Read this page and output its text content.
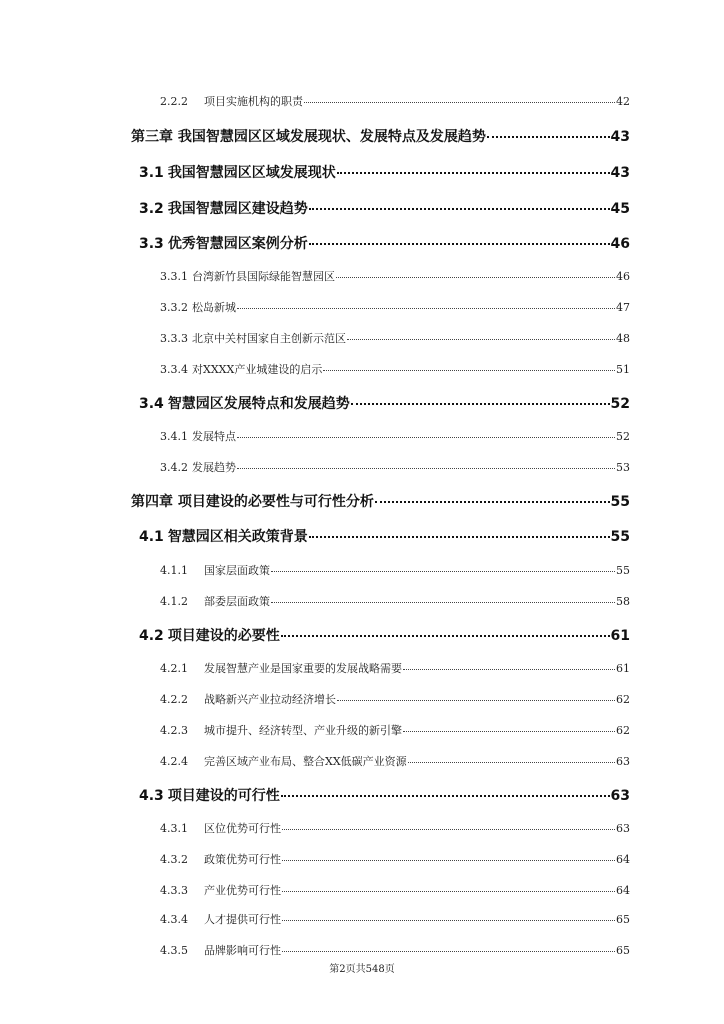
2.2.2	项目实施机构的职责	42
第三章 我国智慧园区区域发展现状、发展特点及发展趋势	43
3.1 我国智慧园区区域发展现状	43
3.2 我国智慧园区建设趋势	45
3.3 优秀智慧园区案例分析	46
3.3.1 台湾新竹县国际绿能智慧园区	46
3.3.2 松岛新城	47
3.3.3 北京中关村国家自主创新示范区	48
3.3.4 对XXXX产业城建设的启示	51
3.4 智慧园区发展特点和发展趋势	52
3.4.1 发展特点	52
3.4.2 发展趋势	53
第四章 项目建设的必要性与可行性分析	55
4.1 智慧园区相关政策背景	55
4.1.1	国家层面政策	55
4.1.2	部委层面政策	58
4.2 项目建设的必要性	61
4.2.1	发展智慧产业是国家重要的发展战略需要	61
4.2.2	战略新兴产业拉动经济增长	62
4.2.3	城市提升、经济转型、产业升级的新引擎	62
4.2.4	完善区域产业布局、整合XX低碳产业资源	63
4.3 项目建设的可行性	63
4.3.1	区位优势可行性	63
4.3.2	政策优势可行性	64
4.3.3	产业优势可行性	64
4.3.4	人才提供可行性	65
4.3.5	品牌影响可行性	65
第2页共548页
